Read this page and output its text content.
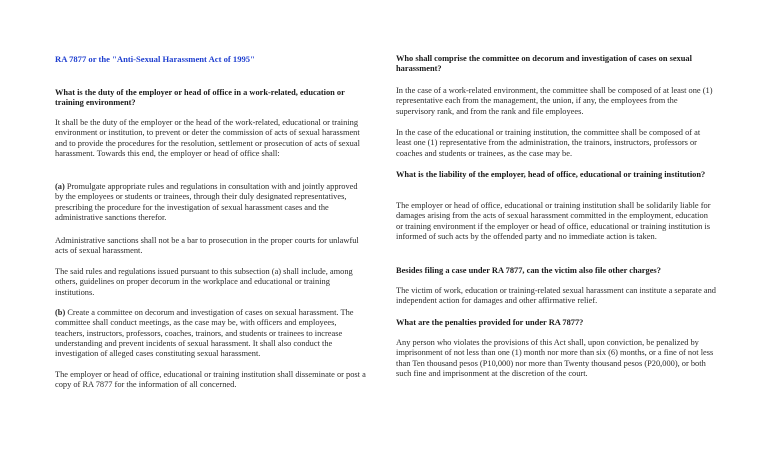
RA 7877 or the "Anti-Sexual Harassment Act of 1995"
What is the duty of the employer or head of office in a work-related, education or training environment?
It shall be the duty of the employer or the head of the work-related, educational or training environment or institution, to prevent or deter the commission of acts of sexual harassment and to provide the procedures for the resolution, settlement or prosecution of acts of sexual harassment. Towards this end, the employer or head of office shall:
(a) Promulgate appropriate rules and regulations in consultation with and jointly approved by the employees or students or trainees, through their duly designated representatives, prescribing the procedure for the investigation of sexual harassment cases and the administrative sanctions therefor.
Administrative sanctions shall not be a bar to prosecution in the proper courts for unlawful acts of sexual harassment.
The said rules and regulations issued pursuant to this subsection (a) shall include, among others, guidelines on proper decorum in the workplace and educational or training institutions.
(b) Create a committee on decorum and investigation of cases on sexual harassment. The committee shall conduct meetings, as the case may be, with officers and employees, teachers, instructors, professors, coaches, trainors, and students or trainees to increase understanding and prevent incidents of sexual harassment. It shall also conduct the investigation of alleged cases constituting sexual harassment.
The employer or head of office, educational or training institution shall disseminate or post a copy of RA 7877 for the information of all concerned.
Who shall comprise the committee on decorum and investigation of cases on sexual harassment?
In the case of a work-related environment, the committee shall be composed of at least one (1) representative each from the management, the union, if any, the employees from the supervisory rank, and from the rank and file employees.
In the case of the educational or training institution, the committee shall be composed of at least one (1) representative from the administration, the trainors, instructors, professors or coaches and students or trainees, as the case may be.
What is the liability of the employer, head of office, educational or training institution?
The employer or head of office, educational or training institution shall be solidarily liable for damages arising from the acts of sexual harassment committed in the employment, education or training environment if the employer or head of office, educational or training institution is informed of such acts by the offended party and no immediate action is taken.
Besides filing a case under RA 7877, can the victim also file other charges?
The victim of work, education or training-related sexual harassment can institute a separate and independent action for damages and other affirmative relief.
What are the penalties provided for under RA 7877?
Any person who violates the provisions of this Act shall, upon conviction, be penalized by imprisonment of not less than one (1) month nor more than six (6) months, or a fine of not less than Ten thousand pesos (P10,000) nor more than Twenty thousand pesos (P20,000), or both such fine and imprisonment at the discretion of the court.
